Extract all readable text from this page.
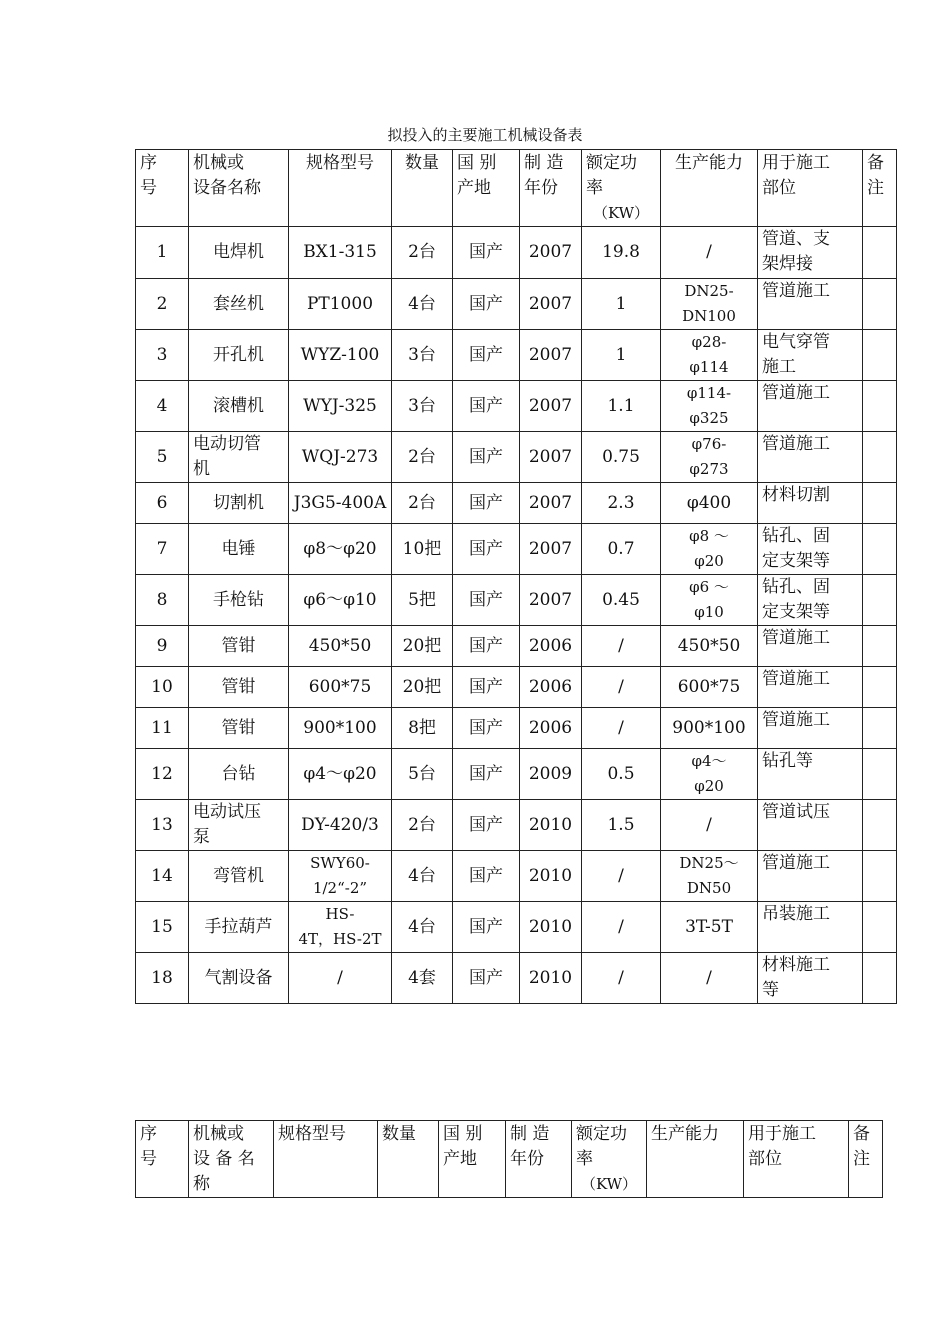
拟投入的主要施工机械设备表
序
号	机械或
设备名称	规格型号	数量	国 别
产地	制 造
年份	额定功
率

（KW）	生产能力	用于施工
部位	备
注
1	电焊机	BX1-315	2台	国产	2007	19.8	/	管道、支
架焊接	
2	套丝机	PT1000	4台	国产	2007	1	DN25-
DN100	管道施工	
3	开孔机	WYZ-100	3台	国产	2007	1	φ28-
φ114	电气穿管
施工	
4	滚槽机	WYJ-325	3台	国产	2007	1.1	φ114-
φ325	管道施工	
5	电动切管
机	WQJ-273	2台	国产	2007	0.75	φ76-
φ273	管道施工	
6	切割机	J3G5-400A	2台	国产	2007	2.3	φ400	材料切割	
7	电锤	φ8～φ20	10把	国产	2007	0.7	φ8 ～
φ20	钻孔、固
定支架等	
8	手枪钻	φ6～φ10	5把	国产	2007	0.45	φ6 ～
φ10	钻孔、固
定支架等	
9	管钳	450*50	20把	国产	2006	/	450*50	管道施工	
10	管钳	600*75	20把	国产	2006	/	600*75	管道施工	
11	管钳	900*100	8把	国产	2006	/	900*100	管道施工	
12	台钻	φ4～φ20	5台	国产	2009	0.5	φ4～
φ20	钻孔等	
13	电动试压
泵	DY-420/3	2台	国产	2010	1.5	/	管道试压	
14	弯管机	SWY60-
1/2“-2”	4台	国产	2010	/	DN25～
DN50	管道施工	
15	手拉葫芦	HS-
4T，HS-2T	4台	国产	2010	/	3T-5T	吊装施工	
18	气割设备	/	4套	国产	2010	/	/	材料施工
等	
序
号	机械或
设 备 名
称	规格型号	数量	国 别
产地	制 造
年份	额定功
率

（KW）
	生产能力	用于施工
部位	备
注
